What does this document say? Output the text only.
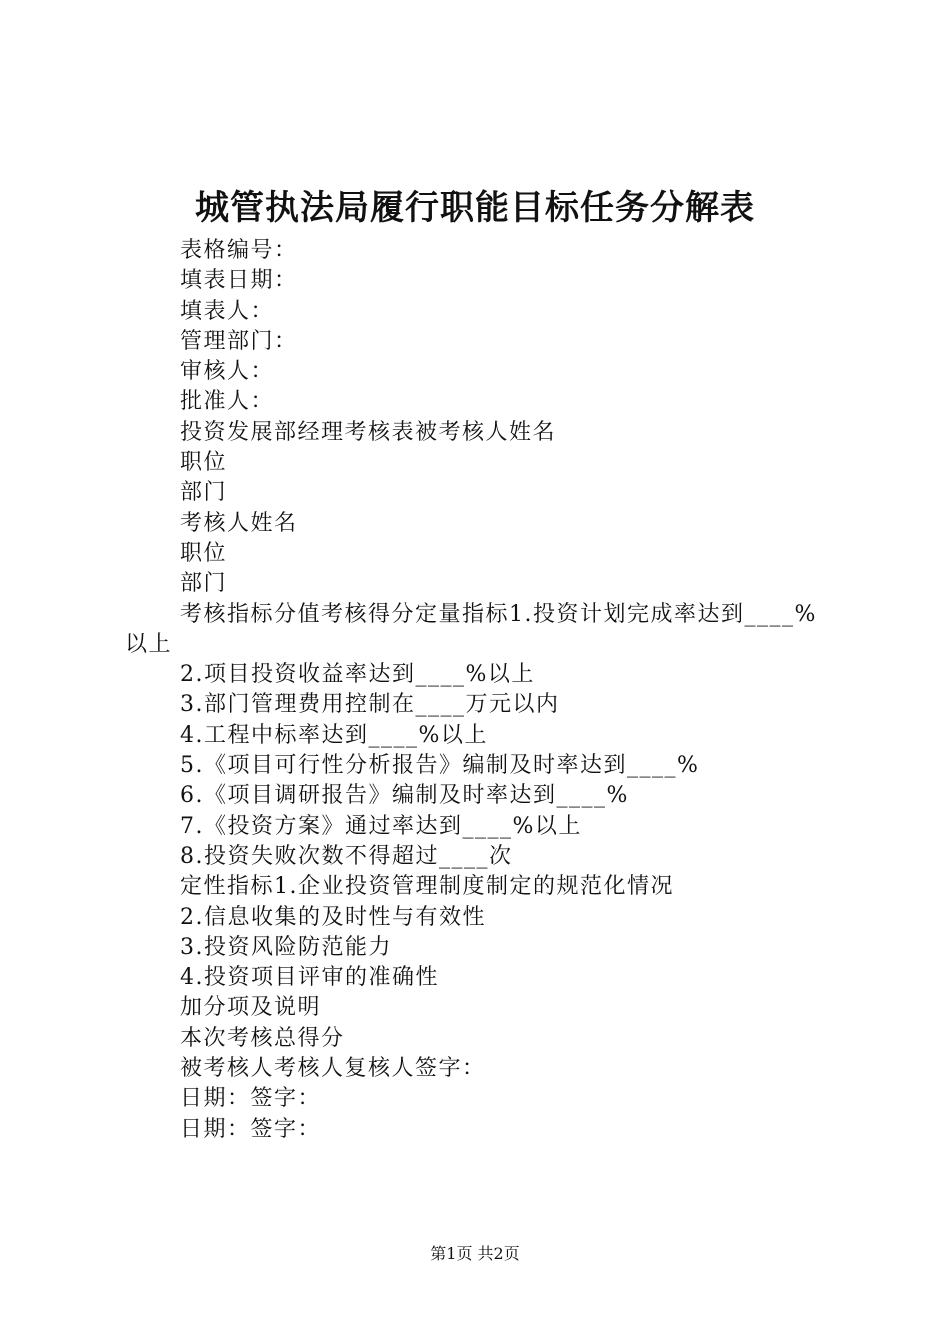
城管执法局履行职能目标任务分解表

表格编号：

填表日期：

填表人：

管理部门：

审核人：

批准人：

投资发展部经理考核表被考核人姓名

职位

部门

考核人姓名

职位

部门

考核指标分值考核得分定量指标1.投资计划完成率达到____%以上

2.项目投资收益率达到____%以上

3.部门管理费用控制在____万元以内

4.工程中标率达到____%以上

5.《项目可行性分析报告》编制及时率达到____%

6.《项目调研报告》编制及时率达到____%

7.《投资方案》通过率达到____%以上

8.投资失败次数不得超过____次

定性指标1.企业投资管理制度制定的规范化情况

2.信息收集的及时性与有效性

3.投资风险防范能力

4.投资项目评审的准确性

加分项及说明

本次考核总得分

被考核人考核人复核人签字：

日期：签字：

日期：签字：

第1页 共2页
